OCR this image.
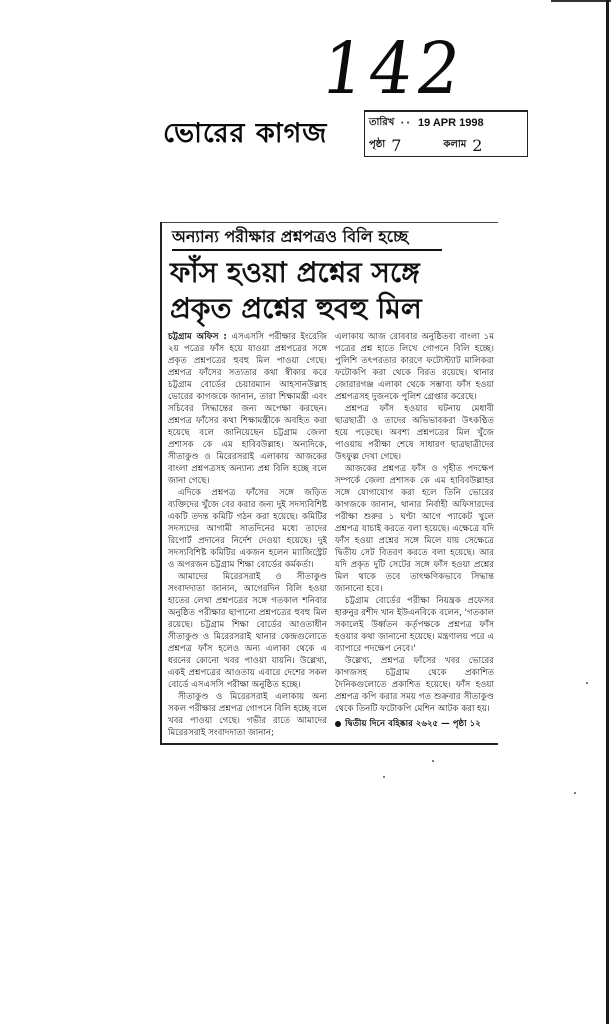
142
ভোরের কাগজ	তারিখ ·· 19 APR 1998
পৃষ্ঠা 7	কলাম 2
অন্যান্য পরীক্ষার প্রশ্নপত্রও বিলি হচ্ছে
ফাঁস হওয়া প্রশ্নের সঙ্গে
প্রকৃত প্রশ্নের হুবহু মিল

চট্টগ্রাম অফিস : এসএসসি পরীক্ষার ইংরেজি ২য় পত্রের ফাঁস হয়ে যাওয়া প্রশ্নপত্রের সঙ্গে প্রকৃত প্রশ্নপত্রের হুবহু মিল পাওয়া গেছে। প্রশ্নপত্র ফাঁসের সত্যতার কথা স্বীকার করে চট্টগ্রাম বোর্ডের চেয়ারম্যান আহসানউল্লাহ ভোরের কাগজকে জানান, তারা শিক্ষামন্ত্রী এবং সচিবের সিদ্ধান্তের জন্য অপেক্ষা করছেন। প্রশ্নপত্র ফাঁসের কথা শিক্ষামন্ত্রীকে অবহিত করা হয়েছে বলে জানিয়েছেন চট্টগ্রাম জেলা প্রশাসক কে এম হাবিবউল্লাহ। অন্যদিকে, সীতাকুণ্ড ও মিরেরসরাই এলাকায় আজকের বাংলা প্রশ্নপত্রসহ অন্যান্য প্রশ্ন বিলি হচ্ছে বলে জানা গেছে।

এদিকে প্রশ্নপত্র ফাঁসের সঙ্গে জড়িত ব্যক্তিদের খুঁজে বের করার জন্য দুই সদস্যবিশিষ্ট একটি তদন্ত কমিটি গঠন করা হয়েছে। কমিটির সদস্যদের আগামী সাতদিনের মধ্যে তাদের রিপোর্ট প্রদানের নির্দেশ দেওয়া হয়েছে। দুই সদস্যবিশিষ্ট কমিটির একজন হলেন ম্যাজিস্ট্রেট ও অপরজন চট্টগ্রাম শিক্ষা বোর্ডের কর্মকর্তা।

আমাদের মিরেরসরাই ও সীতাকুণ্ড সংবাদদাতা জানান, আগেরদিন বিলি হওয়া হাতের লেখা প্রশ্নপত্রের সঙ্গে গতকাল শনিবার অনুষ্ঠিত পরীক্ষার ছাপানো প্রশ্নপত্রের হুবহু মিল রয়েছে। চট্টগ্রাম শিক্ষা বোর্ডের আওতাধীন সীতাকুণ্ড ও মিরেরসরাই থানার কেন্দ্রগুলোতে প্রশ্নপত্র ফাঁস হলেও অন্য এলাকা থেকে এ ধরনের কোনো খবর পাওয়া যায়নি। উল্লেখ্য, একই প্রশ্নপত্রের আওতায় এবারে দেশের সকল বোর্ডে এসএসসি পরীক্ষা অনুষ্ঠিত হচ্ছে।

সীতাকুণ্ড ও মিরেরসরাই এলাকায় অন্য সকল পরীক্ষার প্রশ্নপত্র গোপনে বিলি হচ্ছে বলে খবর পাওয়া গেছে। গভীর রাতে আমাদের মিরেরসরাই সংবাদদাতা জানান;

এলাকায় আজ রোববার অনুষ্ঠিতব্য বাংলা ১ম পত্রের প্রশ্ন হাতে লিখে গোপনে বিলি হচ্ছে। পুলিশি তৎপরতার কারণে ফটোস্ট্যাট মালিকরা ফটোকপি করা থেকে বিরত রয়েছে। থানার জোরারগঞ্জ এলাকা থেকে সম্ভাব্য ফাঁস হওয়া প্রশ্নপত্রসহ দুজনকে পুলিশ গ্রেপ্তার করেছে।

প্রশ্নপত্র ফাঁস হওয়ার ঘটনায় মেধাবী ছাত্রছাত্রী ও তাদের অভিভাবকরা উৎকণ্ঠিত হয়ে পড়েছে। অবশ্য প্রশ্নপত্রের মিল খুঁজে পাওয়ায় পরীক্ষা শেষে সাধারণ ছাত্রছাত্রীদের উৎফুল্ল দেখা গেছে।

আজকের প্রশ্নপত্র ফাঁস ও গৃহীত পদক্ষেপ সম্পর্কে জেলা প্রশাসক কে এম হাবিবউল্লাহর সঙ্গে যোগাযোগ করা হলে তিনি ভোরের কাগজকে জানান, থানার নির্বাহী অফিসারদের পরীক্ষা শুরুর ১ ঘণ্টা আগে প্যাকেট খুলে প্রশ্নপত্র যাচাই করতে বলা হয়েছে। এক্ষেত্রে যদি ফাঁস হওয়া প্রশ্নের সঙ্গে মিলে যায় সেক্ষেত্রে দ্বিতীয় সেট বিতরণ করতে বলা হয়েছে। আর যদি প্রকৃত দুটি সেটের সঙ্গে ফাঁস হওয়া প্রশ্নের মিল থাকে তবে তাৎক্ষণিকভাবে সিদ্ধান্ত জানানো হবে।

চট্টগ্রাম বোর্ডের পরীক্ষা নিয়ন্ত্রক প্রফেসর হারুনুর রশীদ খান ইউএনবিকে বলেন, 'গতকাল সকালেই উর্ধ্বতন কর্তৃপক্ষকে প্রশ্নপত্র ফাঁস হওয়ার কথা জানানো হয়েছে। মন্ত্রণালয় পরে এ ব্যাপারে পদক্ষেপ নেবে।'

উল্লেখ্য, প্রশ্নপত্র ফাঁসের খবর ভোরের কাগজসহ চট্টগ্রাম থেকে প্রকাশিত দৈনিকগুলোতে প্রকাশিত হয়েছে। ফাঁস হওয়া প্রশ্নপত্র কপি করার সময় গত শুক্রবার সীতাকুণ্ড থেকে তিনটি ফটোকপি মেশিন আটক করা হয়।

দ্বিতীয় দিনে বহিষ্কার ২৬২৫ — পৃষ্ঠা ১২
